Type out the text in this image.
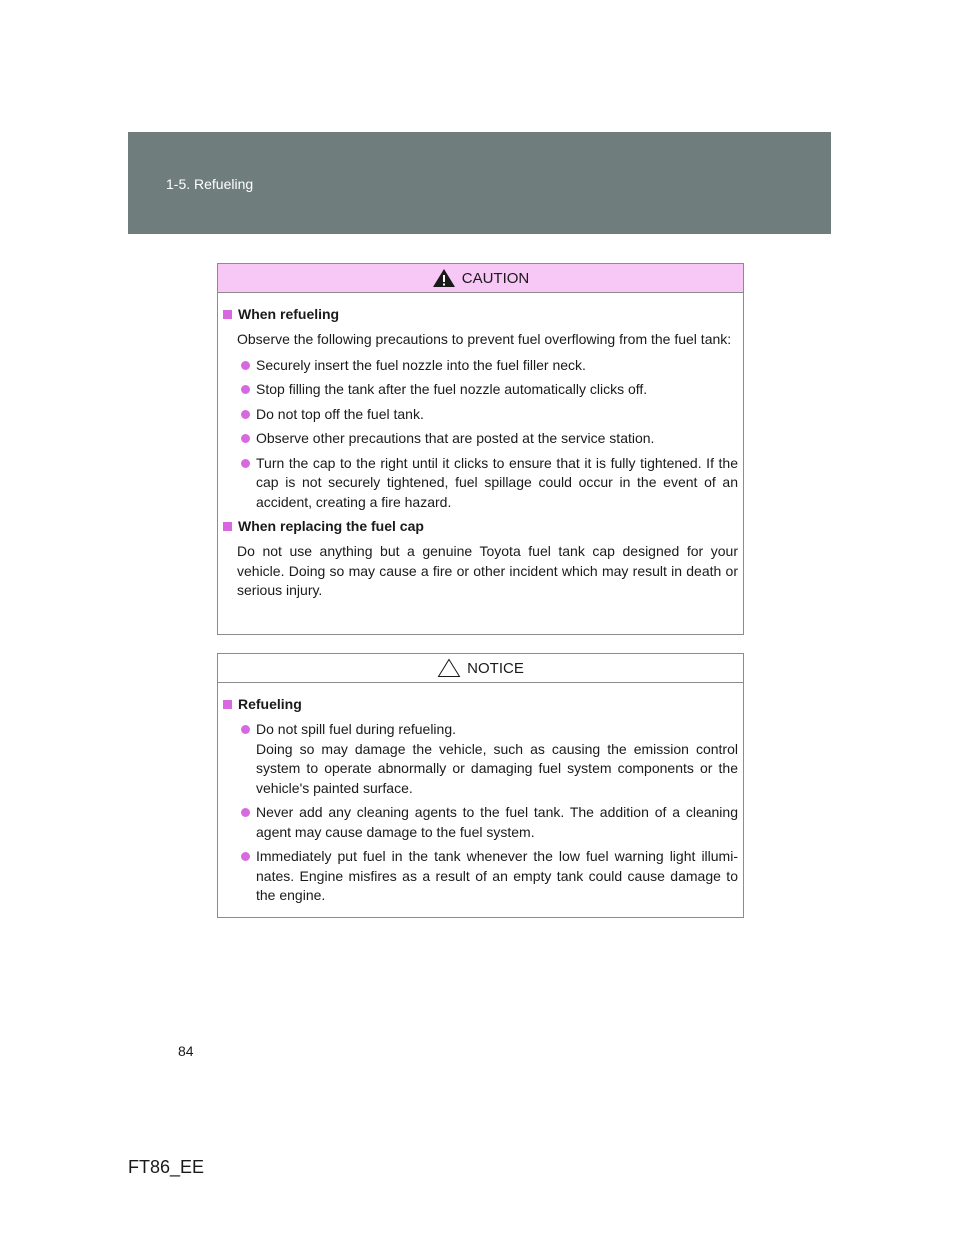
1-5. Refueling
CAUTION
When refueling

Observe the following precautions to prevent fuel overflowing from the fuel tank:

Securely insert the fuel nozzle into the fuel filler neck.
Stop filling the tank after the fuel nozzle automatically clicks off.
Do not top off the fuel tank.
Observe other precautions that are posted at the service station.
Turn the cap to the right until it clicks to ensure that it is fully tightened. If the cap is not securely tightened, fuel spillage could occur in the event of an accident, creating a fire hazard.
When replacing the fuel cap

Do not use anything but a genuine Toyota fuel tank cap designed for your vehicle. Doing so may cause a fire or other incident which may result in death or serious injury.

NOTICE
Refueling
Do not spill fuel during refueling.
Doing so may damage the vehicle, such as causing the emission control system to operate abnormally or damaging fuel system components or the vehicle's painted surface.
Never add any cleaning agents to the fuel tank. The addition of a cleaning agent may cause damage to the fuel system.
Immediately put fuel in the tank whenever the low fuel warning light illumi-nates. Engine misfires as a result of an empty tank could cause damage to the engine.
84
FT86_EE
